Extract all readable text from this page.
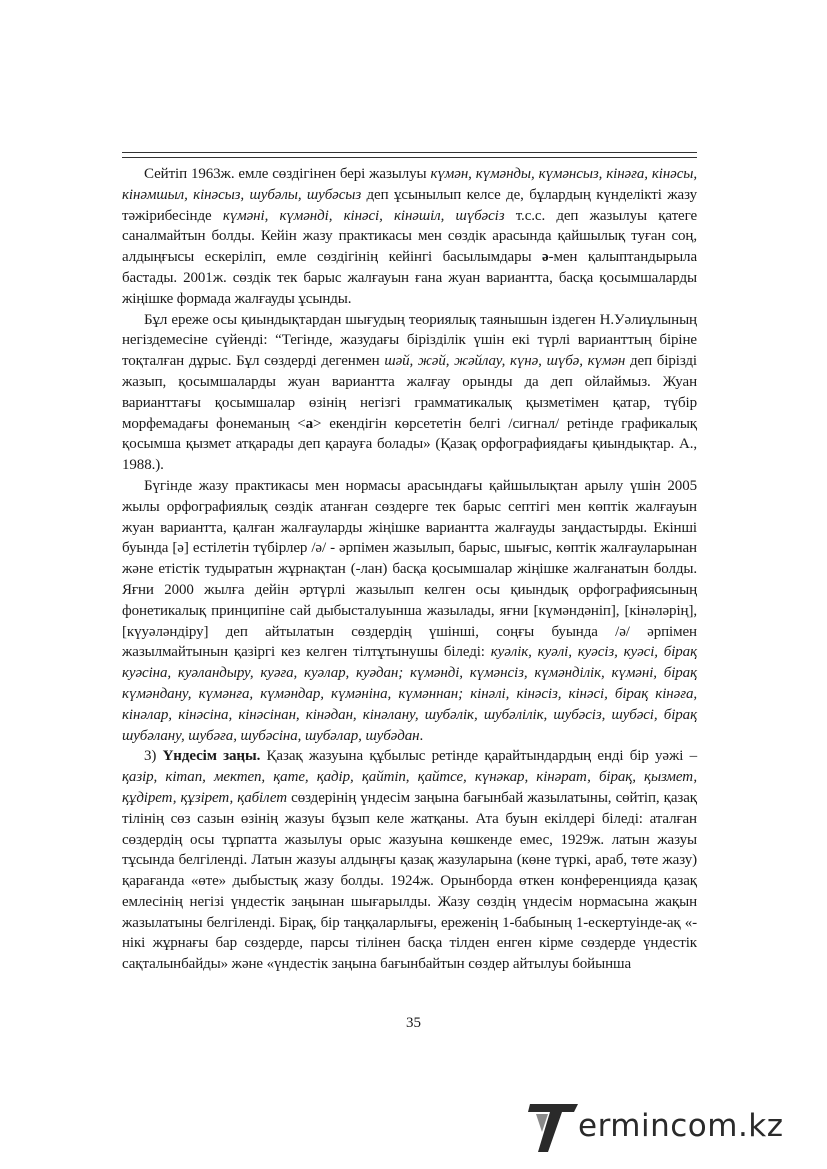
Сейтіп 1963ж. емле сөздігінен бері жазылуы күмән, күмәнды, күмәнсыз, кінәға, кінәсы, кінәмшыл, кінәсыз, шубәлы, шубәсыз деп ұсынылып келсе де, бұлардың күнделікті жазу тәжірибесінде күмәні, күмәнді, кінәсі, кінәшіл, шүбәсіз т.с.с. деп жазылуы қатеге саналмайтын болды. Кейін жазу практикасы мен сөздік арасында қайшылық туған соң, алдыңғысы ескеріліп, емле сөздігінің кейінгі басылымдары ә-мен қалыптандырыла бастады. 2001ж. сөздік тек барыс жалғауын ғана жуан вариантта, басқа қосымшаларды жіңішке формада жалғауды ұсынды.

Бұл ереже осы қиындықтардан шығудың теориялық таянышын іздеген Н.Уәлиұлының негіздемесіне сүйенді: “Тегінде, жазудағы біріздiлік үшін екі түрлі варианттың біріне тоқталған дұрыс. Бұл сөздерді дегенмен шәй, жәй, жәйлау, күнә, шүбә, күмән деп бірізді жазып, қосымшаларды жуан вариантта жалғау орынды да деп ойлаймыз. Жуан варианттағы қосымшалар өзінің негізгі грамматикалық қызметімен қатар, түбір морфемадағы фонеманың <а> екендігін көрсететін белгі /сигнал/ ретінде графикалық қосымша қызмет атқарады деп қарауға болады» (Қазақ орфографиядағы қиындықтар. А., 1988.).

Бүгінде жазу практикасы мен нормасы арасындағы қайшылықтан арылу үшін 2005 жылы орфографиялық сөздік атанған сөздерге тек барыс септігі мен көптік жалғауын жуан вариантта, қалған жалғауларды жіңішке вариантта жалғауды заңдастырды. Екінші буында [ә] естілетін түбірлер /ә/ - әрпімен жазылып, барыс, шығыс, көптік жалғауларынан және етістік тудыратын жұрнақтан (-лан) басқа қосымшалар жіңішке жалғанатын болды. Яғни 2000 жылға дейін әртүрлі жазылып келген осы қиындық орфографиясының фонетикалық принципіне сай дыбысталуынша жазылады, яғни [күмәндәніп], [кінәләрің], [күуәләндіру] деп айтылатын сөздердің үшінші, соңғы буында /ә/ әрпімен жазылмайтынын қазіргі кез келген тілтұтынушы біледі: куәлік, куәлі, куәсіз, куәсі, бірақ куәсіна, куәландыру, куәға, куәлар, куәдан; күмәнді, күмәнсіз, күмәнділік, күмәні, бірақ күмәндану, күмәнға, күмәндар, күмәніна, күмәннан; кінәлі, кінәсіз, кінәсі, бірақ кінәға, кінәлар, кінәсіна, кінәсінан, кінәдан, кінәлану, шубәлік, шубәлілік, шубәсіз, шубәсі, бірақ шубәлану, шубәға, шубәсіна, шубәлар, шубәдан.

3) Үндесім заңы. Қазақ жазуына құбылыс ретінде қарайтындардың енді бір уәжі – қазір, кітап, мектеп, қате, қадір, қайтіп, қайтсе, күнәкар, кінәрат, бірақ, қызмет, құдірет, құзірет, қабілет сөздерінің үндесім заңына бағынбай жазылатыны, сөйтіп, қазақ тілінің сөз сазын өзінің жазуы бұзып келе жатқаны. Ата буын екілдері біледі: аталған сөздердің осы тұрпатта жазылуы орыс жазуына көшкенде емес, 1929ж. латын жазуы тұсында белгіленді. Латын жазуы алдыңғы қазақ жазуларына (көне түркі, араб, төте жазу) қарағанда «өте» дыбыстық жазу болды. 1924ж. Орынборда өткен конференцияда қазақ емлесінің негізі үндестік заңынан шығарылды. Жазу сөздің үндесім нормасына жақын жазылатыны белгіленді. Бірақ, бір таңқаларлығы, ереженің 1-бабының 1-ескертуінде-ақ «-нікі жұрнағы бар сөздерде, парсы тілінен басқа тілден енген кірме сөздерде үндестік сақталынбайды» және «үндестік заңына бағынбайтын сөздер айтылуы бойынша

35
ermincom.kz
